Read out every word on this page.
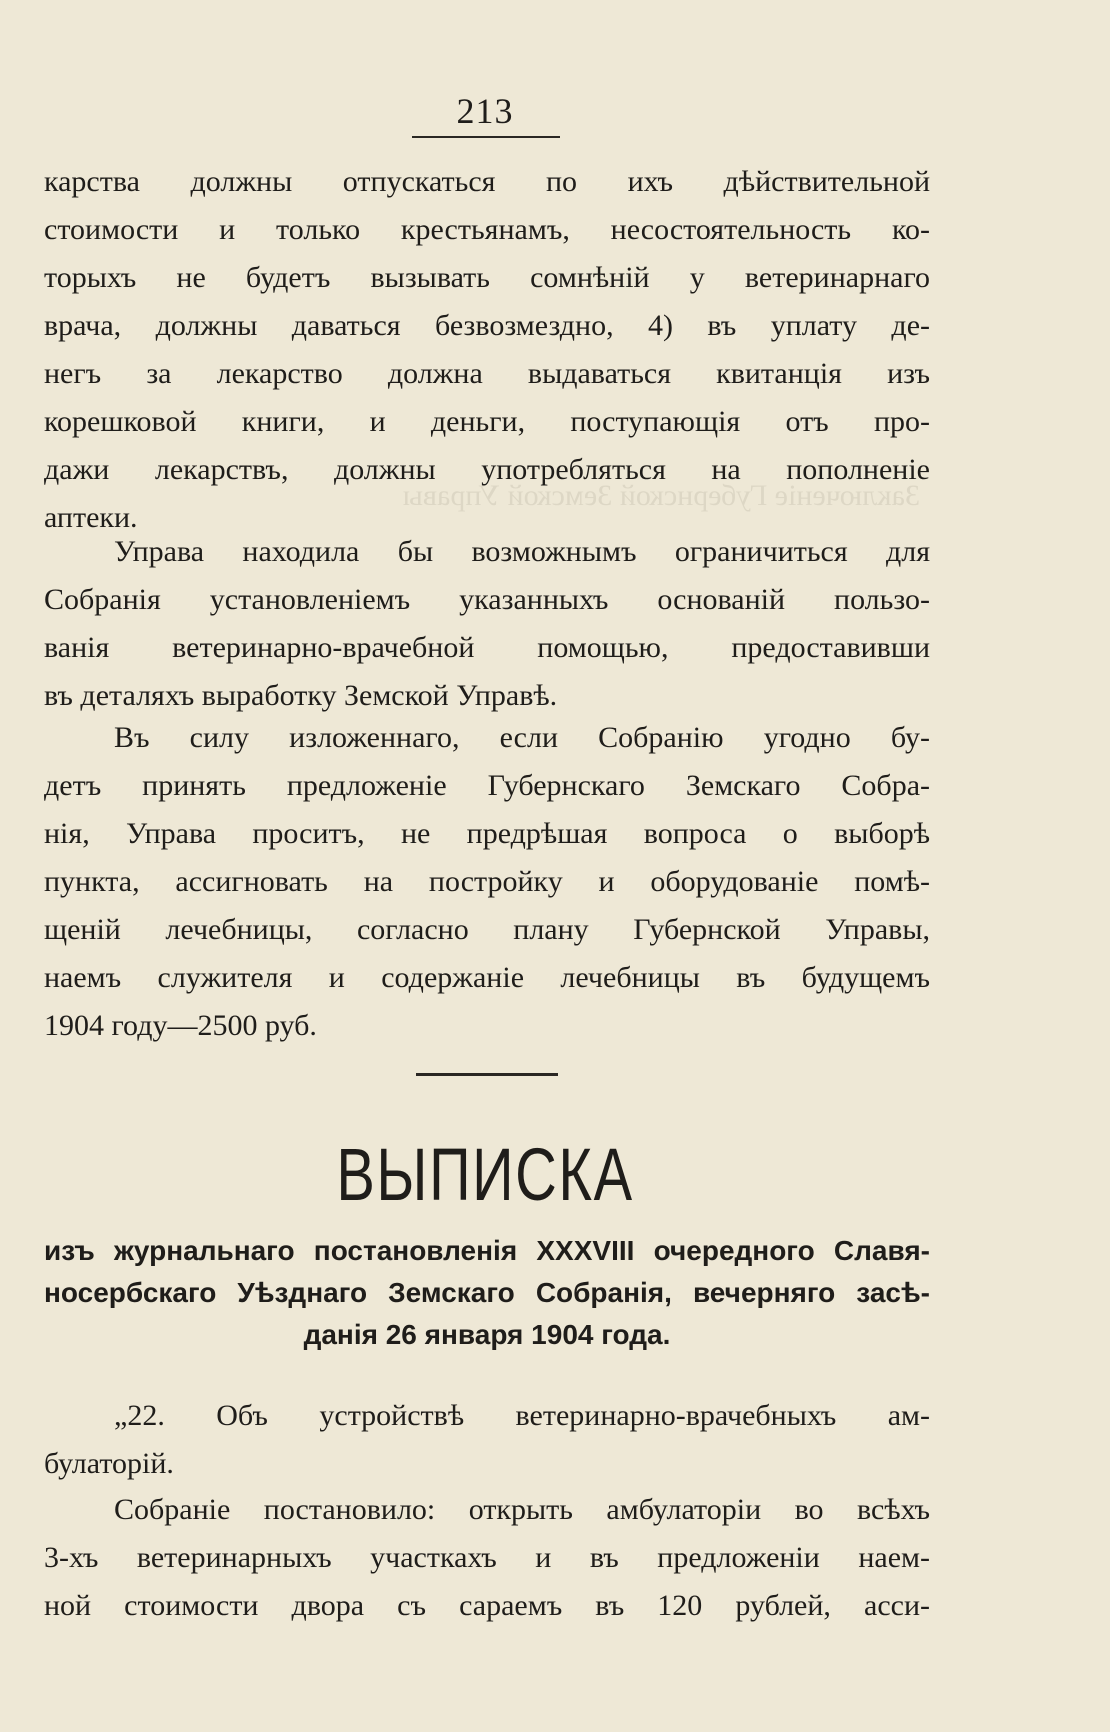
213
Заключеніе Губернской Земской Управы
карства должны отпускаться по ихъ дѣйствительной
стоимости и только крестьянамъ, несостоятельность ко-
торыхъ не будетъ вызывать сомнѣній у ветеринарнаго
врача, должны даваться безвозмездно, 4) въ уплату де-
негъ за лекарство должна выдаваться квитанція изъ
корешковой книги, и деньги, поступающія отъ про-
дажи лекарствъ, должны употребляться на пополненіе
аптеки.
Управа находила бы возможнымъ ограничиться для
Собранія установленіемъ указанныхъ основаній пользо-
ванія ветеринарно-врачебной помощью, предоставивши
въ деталяхъ выработку Земской Управѣ.
Въ силу изложеннаго, если Собранію угодно бу-
детъ принять предложеніе Губернскаго Земскаго Собра-
нія, Управа проситъ, не предрѣшая вопроса о выборѣ
пункта, ассигновать на постройку и оборудованіе помѣ-
щеній лечебницы, согласно плану Губернской Управы,
наемъ служителя и содержаніе лечебницы въ будущемъ
1904 году—2500 руб.
ВЫПИСКА
изъ журнальнаго постановленія XXXVIII очередного Славя-
носербскаго Уѣзднаго Земскаго Собранія, вечерняго засѣ-
данія 26 января 1904 года.
„22. Объ устройствѣ ветеринарно-врачебныхъ ам-
булаторій.
Собраніе постановило: открыть амбулаторіи во всѣхъ
3-хъ ветеринарныхъ участкахъ и въ предложеніи наем-
ной стоимости двора съ сараемъ въ 120 рублей, асси-
